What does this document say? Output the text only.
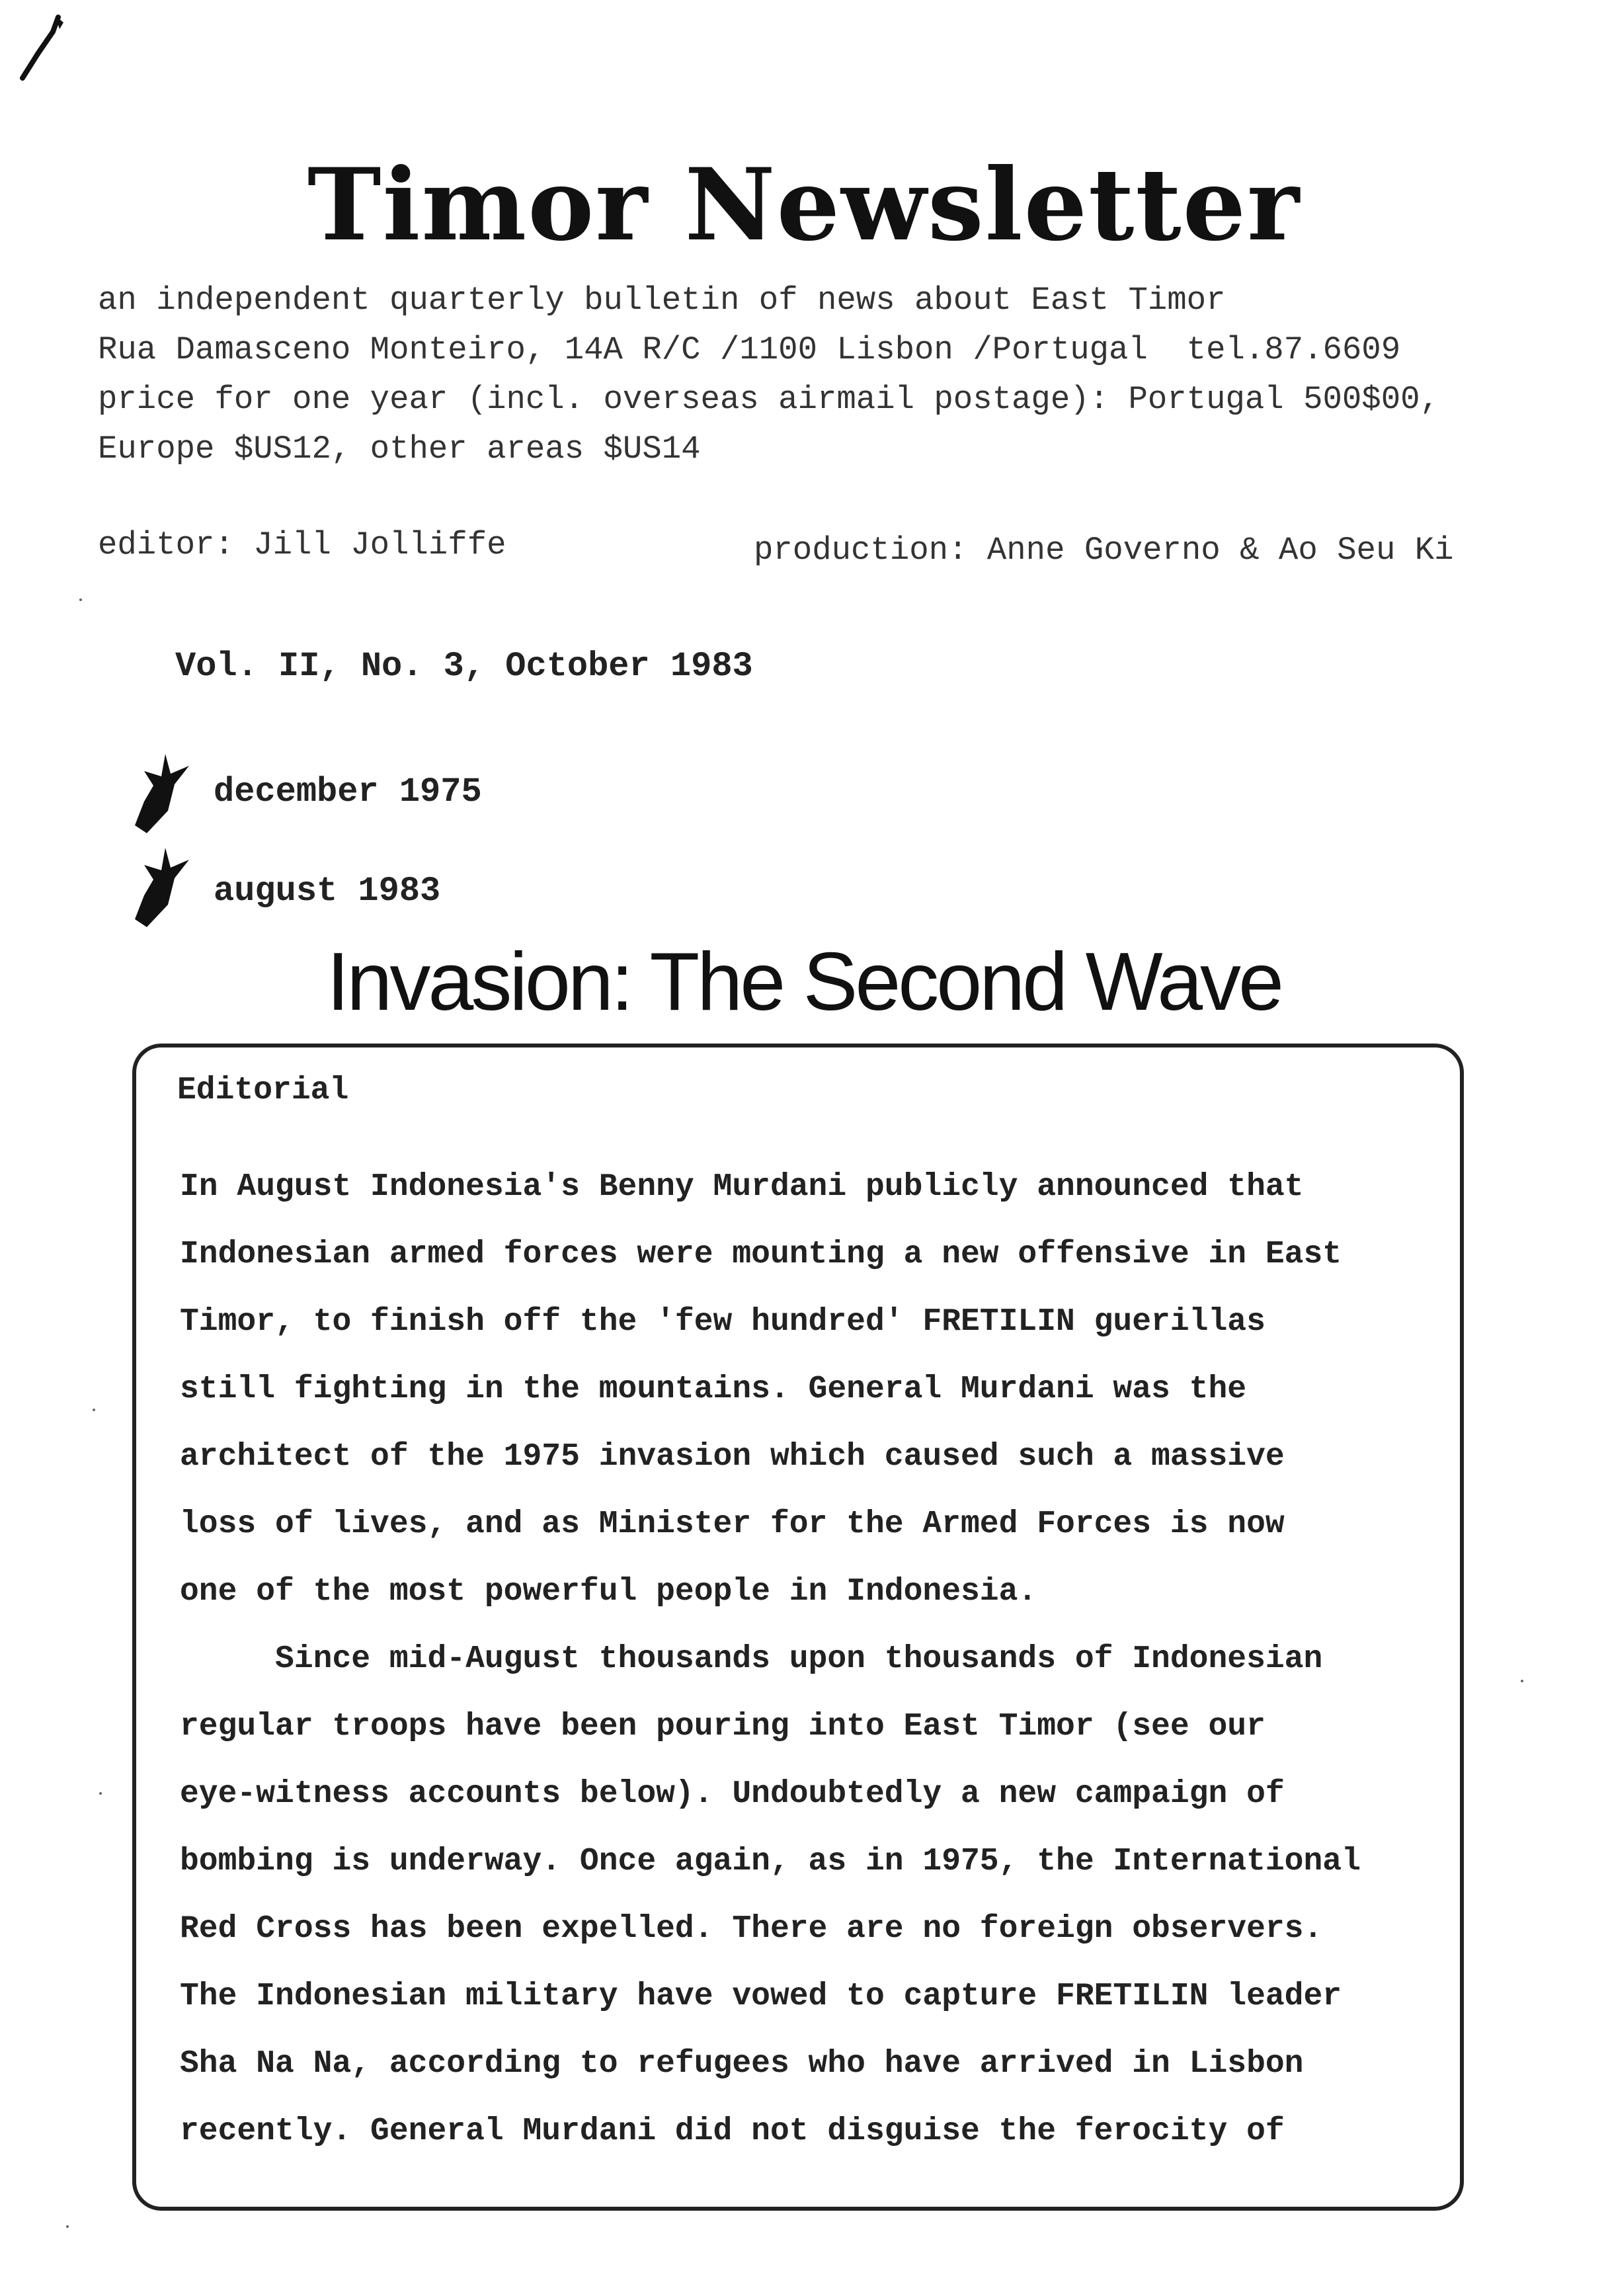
Timor Newsletter
an independent quarterly bulletin of news about East Timor
Rua Damasceno Monteiro, 14A R/C /1100 Lisbon /Portugal  tel.87.6609
price for one year (incl. overseas airmail postage): Portugal 500$00,
Europe $US12, other areas $US14
editor: Jill Jolliffe	production: Anne Governo & Ao Seu Ki
Vol. II, No. 3, October 1983
december 1975
august 1983
Invasion: The Second Wave
Editorial
In August Indonesia's Benny Murdani publicly announced that
Indonesian armed forces were mounting a new offensive in East
Timor, to finish off the 'few hundred' FRETILIN guerillas
still fighting in the mountains. General Murdani was the
architect of the 1975 invasion which caused such a massive
loss of lives, and as Minister for the Armed Forces is now
one of the most powerful people in Indonesia.
Since mid-August thousands upon thousands of Indonesian
regular troops have been pouring into East Timor (see our
eye-witness accounts below). Undoubtedly a new campaign of
bombing is underway. Once again, as in 1975, the International
Red Cross has been expelled. There are no foreign observers.
The Indonesian military have vowed to capture FRETILIN leader
Sha Na Na, according to refugees who have arrived in Lisbon
recently. General Murdani did not disguise the ferocity of
